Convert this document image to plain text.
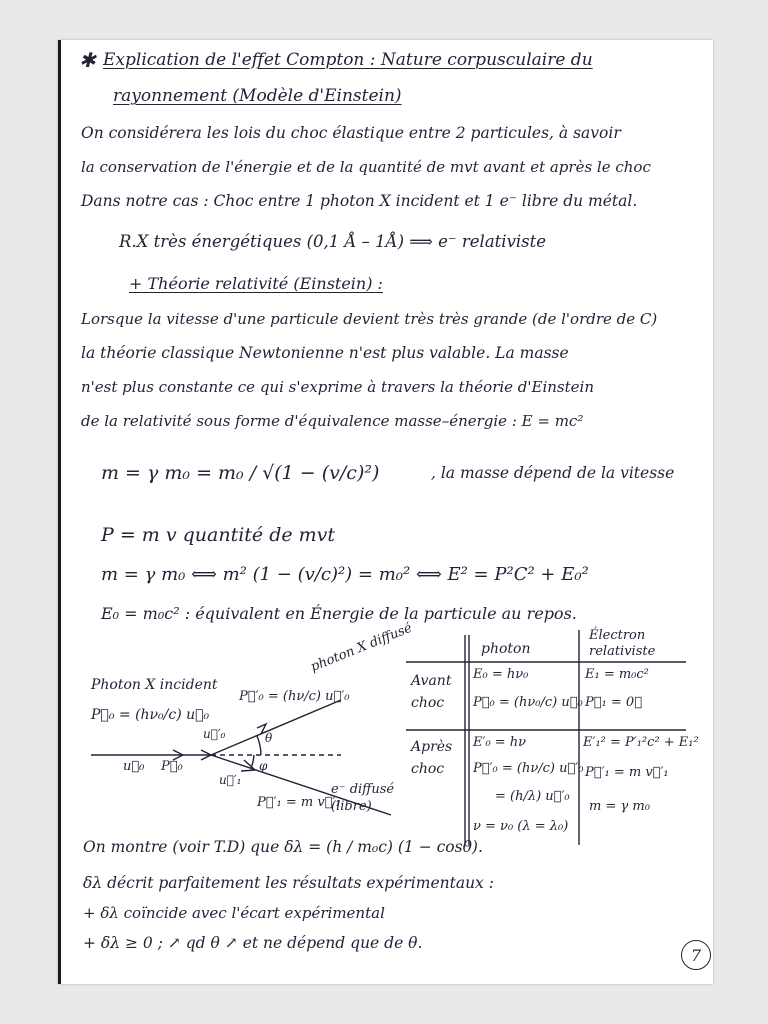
✱ Explication de l'effet Compton : Nature corpusculaire du
rayonnement (Modèle d'Einstein)
On considérera les lois du choc élastique entre 2 particules, à savoir
la conservation de l'énergie et de la quantité de mvt avant et après le choc
Dans notre cas : Choc entre 1 photon X incident et 1 e⁻ libre du métal.
R.X très énergétiques (0,1 Å – 1Å) ⟹ e⁻ relativiste
+ Théorie relativité (Einstein) :
Lorsque la vitesse d'une particule devient très très grande (de l'ordre de C)
la théorie classique Newtonienne n'est plus valable. La masse
n'est plus constante ce qui s'exprime à travers la théorie d'Einstein
de la relativité sous forme d'équivalence masse–énergie : E = mc²
m = γ m₀ = m₀ / √(1 − (v/c)²)	, la masse dépend de la vitesse
P = m v quantité de mvt
m = γ m₀ ⟺ m² (1 − (v/c)²) = m₀² ⟺ E² = P²C² + E₀²
E₀ = m₀c² : équivalent en Énergie de la particule au repos.
Photon X incident
P⃗₀ = (hν₀/c) u⃗₀
u⃗₀ P⃗₀
P⃗′₀ = (hν/c) u⃗′₀
photon X diffusé
u⃗′₀	θ
φ
u⃗′₁
P⃗′₁ = m v⃗′₁
e⁻ diffusé (libre)
photon
Électron relativiste
Avant choc
E₀ = hν₀
P⃗₀ = (hν₀/c) u⃗₀
E₁ = m₀c²
P⃗₁ = 0⃗
Après choc
E′₀ = hν
P⃗′₀ = (hν/c) u⃗′₀
= (h/λ) u⃗′₀
ν = ν₀ (λ = λ₀)
E′₁² = P′₁²c² + E₁²
P⃗′₁ = m v⃗′₁
m = γ m₀
On montre (voir T.D) que δλ = (h / m₀c) (1 − cosθ).
δλ décrit parfaitement les résultats expérimentaux :
+ δλ coïncide avec l'écart expérimental
+ δλ ≥ 0 ; ↗ qd θ ↗ et ne dépend que de θ.
7
